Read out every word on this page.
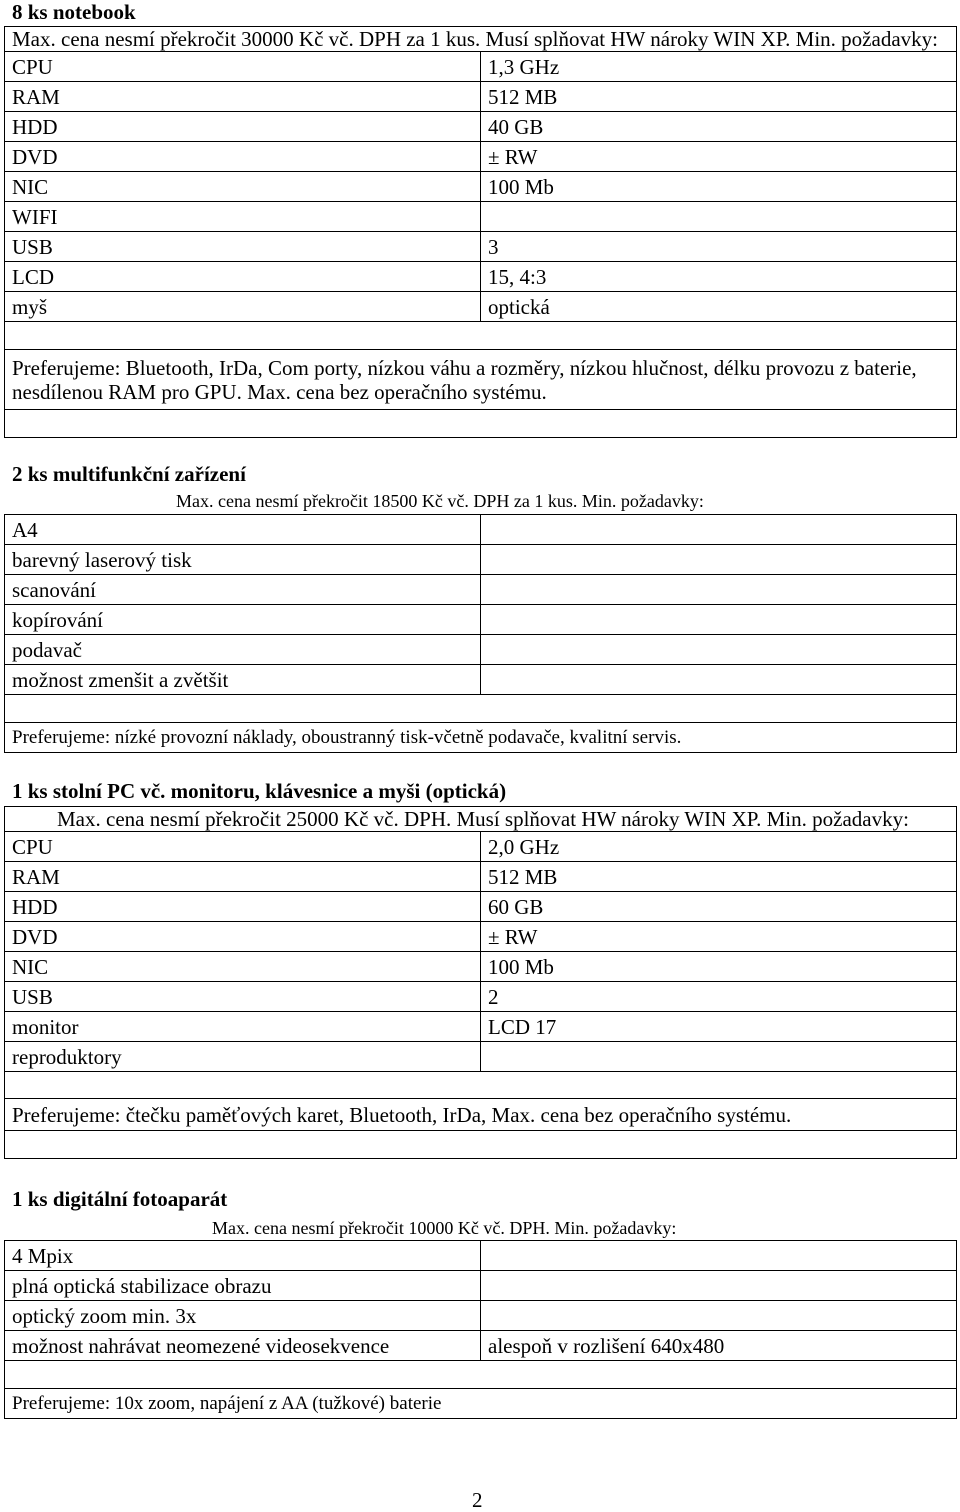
8 ks notebook
Max. cena nesmí překročit 30000 Kč vč. DPH za 1 kus. Musí splňovat HW nároky WIN XP. Min. požadavky:	
CPU	1,3 GHz
RAM	512 MB
HDD	40 GB
DVD	± RW
NIC	100 Mb
WIFI	
USB	3
LCD	15, 4:3
myš	optická

Preferujeme: Bluetooth, IrDa, Com porty, nízkou váhu a rozměry, nízkou hlučnost, délku provozu z baterie, nesdílenou RAM pro GPU. Max. cena bez operačního systému.	

2 ks multifunkční zařízení
Max. cena nesmí překročit 18500 Kč vč. DPH za 1 kus. Min. požadavky:
A4	
barevný laserový tisk	
scanování	
kopírování	
podavač	
možnost zmenšit a zvětšit	

Preferujeme: nízké provozní náklady, oboustranný tisk-včetně podavače, kvalitní servis.	
1 ks stolní PC vč. monitoru, klávesnice a myši (optická)
Max. cena nesmí překročit 25000 Kč vč. DPH. Musí splňovat HW nároky WIN XP. Min. požadavky:	
CPU	2,0 GHz
RAM	512 MB
HDD	60 GB
DVD	± RW
NIC	100 Mb
USB	2
monitor	LCD 17
reproduktory	

Preferujeme: čtečku paměťových karet, Bluetooth, IrDa, Max. cena bez operačního systému.	

1 ks digitální fotoaparát
Max. cena nesmí překročit 10000 Kč vč. DPH. Min. požadavky:
4 Mpix	
plná optická stabilizace obrazu	
optický zoom min. 3x	
možnost nahrávat neomezené videosekvence	alespoň v rozlišení 640x480

Preferujeme: 10x zoom, napájení z AA (tužkové) baterie	
2
